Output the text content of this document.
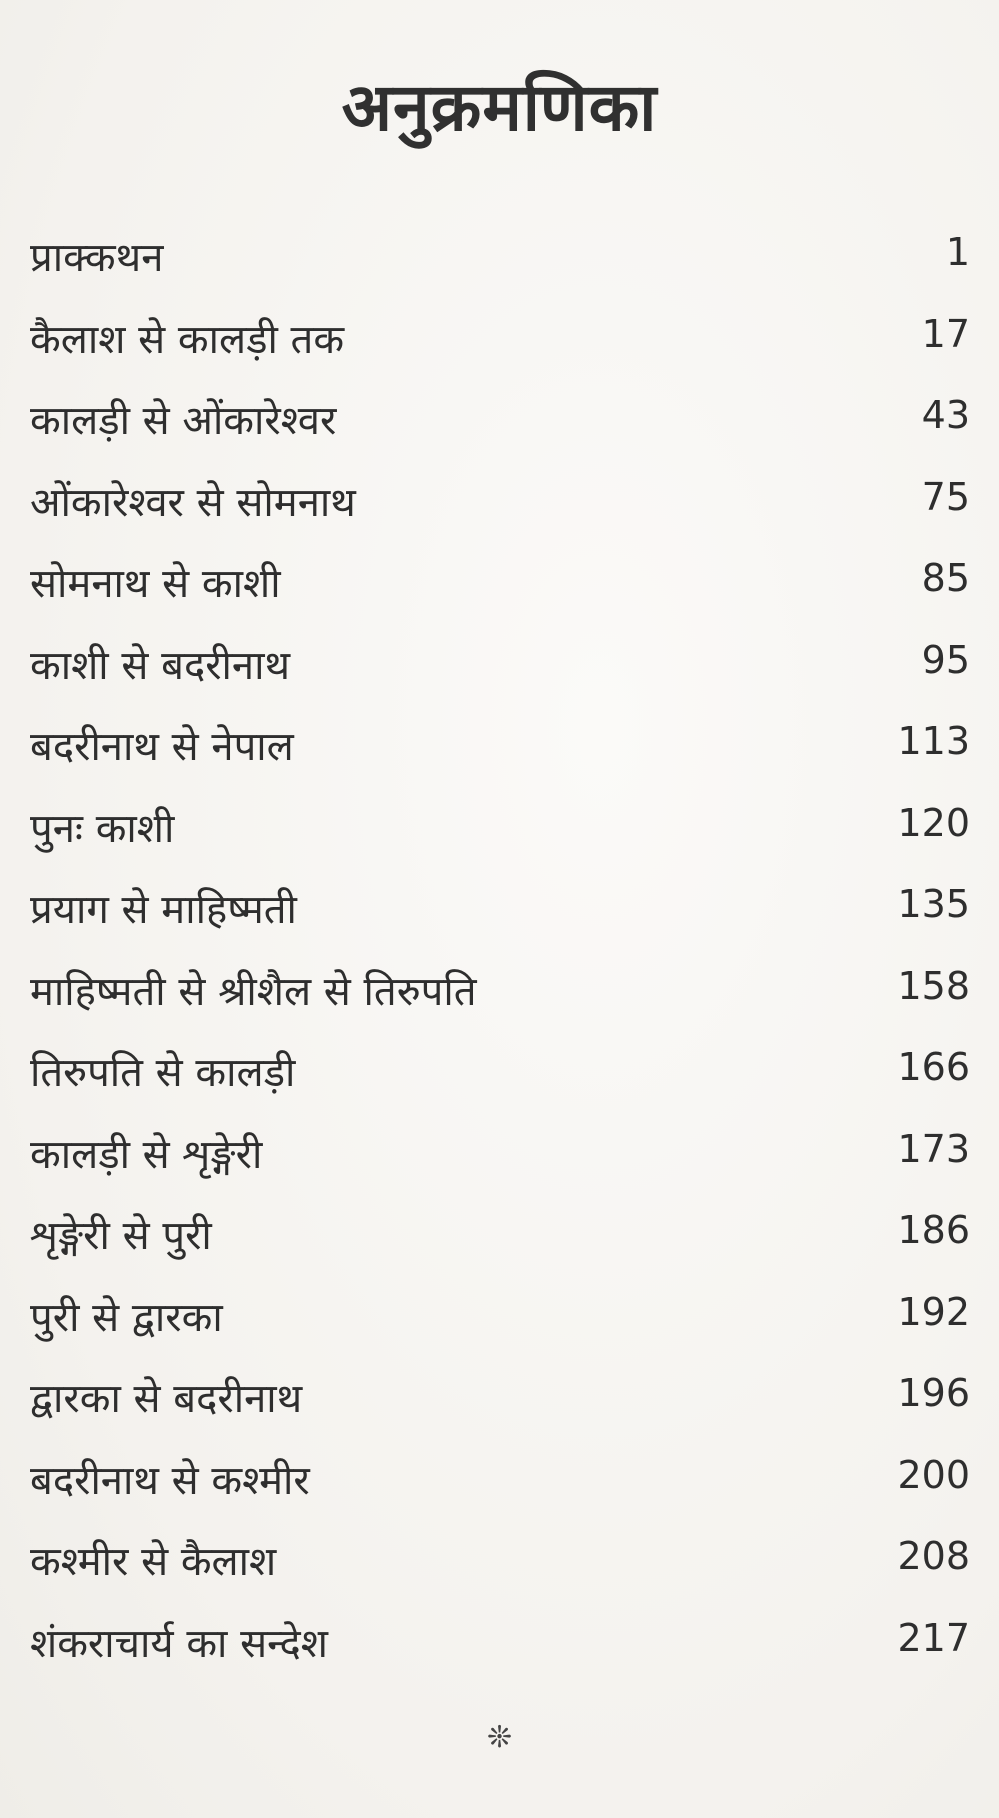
अनुक्रमणिका
प्राक्कथन	1
कैलाश से कालड़ी तक	17
कालड़ी से ओंकारेश्वर	43
ओंकारेश्वर से सोमनाथ	75
सोमनाथ से काशी	85
काशी से बदरीनाथ	95
बदरीनाथ से नेपाल	113
पुनः काशी	120
प्रयाग से माहिष्मती	135
माहिष्मती से श्रीशैल से तिरुपति	158
तिरुपति से कालड़ी	166
कालड़ी से शृङ्गेरी	173
शृङ्गेरी से पुरी	186
पुरी से द्वारका	192
द्वारका से बदरीनाथ	196
बदरीनाथ से कश्मीर	200
कश्मीर से कैलाश	208
शंकराचार्य का सन्देश	217
❊
